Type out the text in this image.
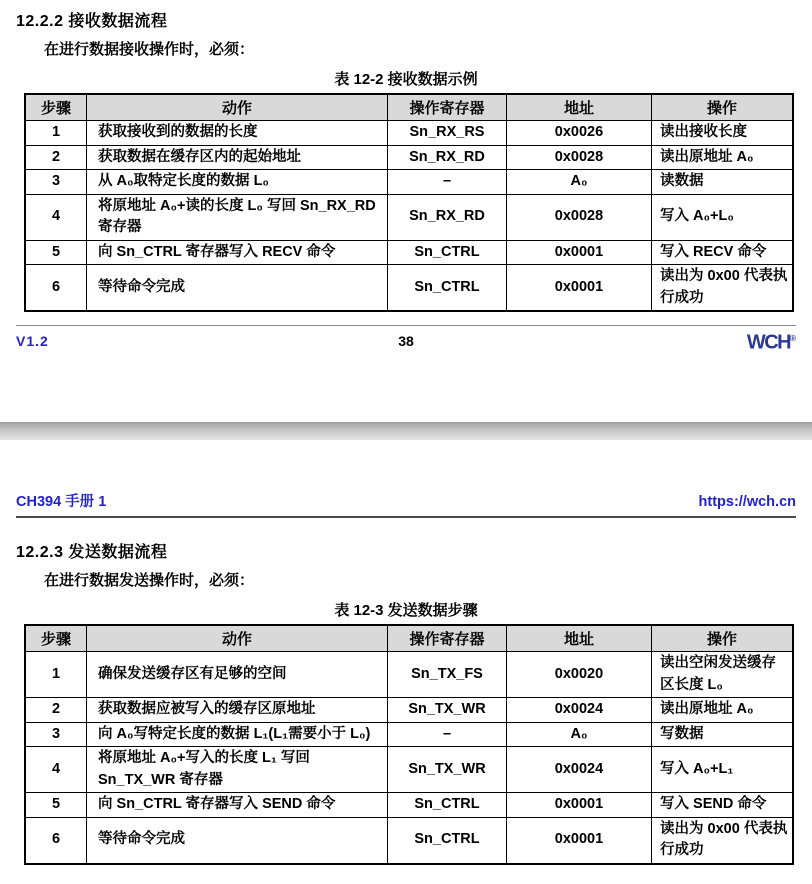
12.2.2 接收数据流程

在进行数据接收操作时，必须：

表 12-2 接收数据示例
步骤	动作	操作寄存器	地址	操作
1	获取接收到的数据的长度	Sn_RX_RS	0x0026	读出接收长度
2	获取数据在缓存区内的起始地址	Sn_RX_RD	0x0028	读出原地址 A₀
3	从 A₀取特定长度的数据 L₀	–	A₀	读数据
4	将原地址 A₀+读的长度 L₀ 写回 Sn_RX_RD 寄存器	Sn_RX_RD	0x0028	写入 A₀+L₀
5	向 Sn_CTRL 寄存器写入 RECV 命令	Sn_CTRL	0x0001	写入 RECV 命令
6	等待命令完成	Sn_CTRL	0x0001	读出为 0x00 代表执行成功
V1.2	38	WCH®
CH394 手册 1	https://wch.cn
12.2.3 发送数据流程

在进行数据发送操作时，必须：

表 12-3 发送数据步骤
步骤	动作	操作寄存器	地址	操作
1	确保发送缓存区有足够的空间	Sn_TX_FS	0x0020	读出空闲发送缓存区长度 L₀
2	获取数据应被写入的缓存区原地址	Sn_TX_WR	0x0024	读出原地址 A₀
3	向 A₀写特定长度的数据 L₁(L₁需要小于 L₀)	–	A₀	写数据
4	将原地址 A₀+写入的长度 L₁ 写回 Sn_TX_WR 寄存器	Sn_TX_WR	0x0024	写入 A₀+L₁
5	向 Sn_CTRL 寄存器写入 SEND 命令	Sn_CTRL	0x0001	写入 SEND 命令
6	等待命令完成	Sn_CTRL	0x0001	读出为 0x00 代表执行成功
